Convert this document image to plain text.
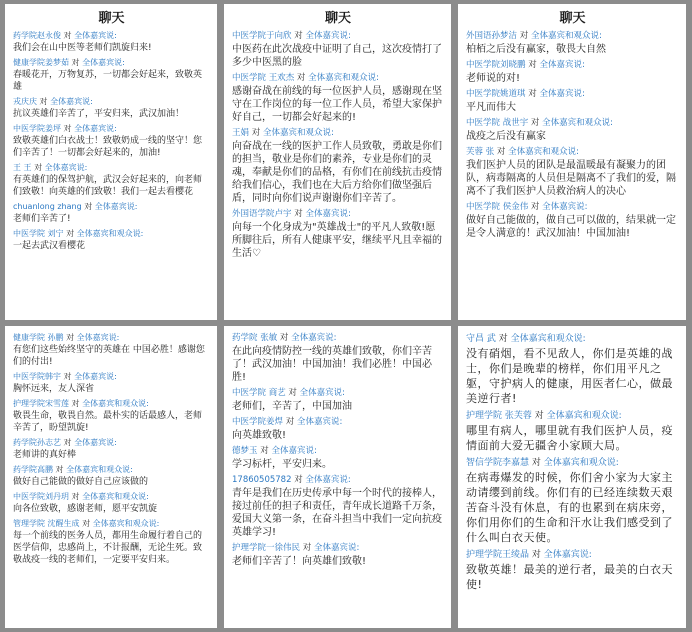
聊天
药学院赵永俊 对 全体嘉宾说:
我们会在山中医等老师们凯旋归来!
健康学院姜梦茹 对 全体嘉宾说:
春暖花开，万物复苏，一切都会好起来，致敬英雄
戎庆庆 对 全体嘉宾说:
抗议英雄们辛苦了，平安归来，武汉加油！
中医学院姜坪 对 全体嘉宾说:
致敬英雄们白衣战士！致敬奶成一线的坚守！您们辛苦了！一切都会好起来的，加油!
王 王 对 全体嘉宾说:
有英雄们的保驾护航，武汉会好起来的，向老师们致敬！向英雄的们致敬！我们一起去看樱花
chuanlong zhang 对 全体嘉宾说:
老师们辛苦了!
中医学院 刘宁 对 全体嘉宾和观众说:
一起去武汉看樱花
聊天
中医学院于向欣 对 全体嘉宾说:
中医药在此次战疫中证明了自己，这次疫情打了多少中医黑的脸
中医学院 王欢杰 对 全体嘉宾和观众说:
感谢奋战在前线的每一位医护人员，感谢现在坚守在工作岗位的每一位工作人员，希望大家保护好自己，一切都会好起来的!
王娟 对 全体嘉宾和观众说:
向奋战在一线的医护工作人员致敬，勇敢是你们的担当，敬业是你们的素养，专业是你们的灵魂，奉献是你们的品格，有你们在前线抗击疫情给我们信心，我们也在大后方给你们做坚强后盾，同时向你们说声谢谢你们辛苦了。
外国语学院卢宇 对 全体嘉宾说:
向每一个化身成为"英雄战士"的平凡人致敬!愿所脚往后，所有人健康平安，继续平凡且幸福的生活♡
聊天
外国语孙梦洁 对 全体嘉宾和观众说:
柏栢之后没有赢家，敬畏大自然
中医学院刘晓鹏 对 全体嘉宾说:
老师说的对!
中医学院姚道琪 对 全体嘉宾说:
平凡而伟大
中医学院 战世宇 对 全体嘉宾和观众说:
战疫之后没有赢家
芙蓉 张 对 全体嘉宾和观众说:
我们医护人员的团队是最温暖最有凝聚力的团队，病毒隔离的人员但是隔离不了我们的爱，隔离不了我们医护人员救治病人的决心
中医学院 侯金伟 对 全体嘉宾说:
做好自己能做的，做自己可以做的，结果就一定是令人满意的！武汉加油！中国加油!
健康学院 孙鹏 对 全体嘉宾说:
有您们这些始终坚守的英雄在 中国必胜！感谢您们的付出!
中医学院韩宇 对 全体嘉宾说:
胸怀远来，友人深省
护理学院宋雪莲 对 全体嘉宾和观众说:
敬畏生命，敬畏自然。最朴实的话最感人，老师辛苦了，盼望凯旋!
药学院孙志艺 对 全体嘉宾说:
老师讲的真好棒
药学院高鹏 对 全体嘉宾和观众说:
做好自己能做的做好自己应该做的
中医学院刘丹玥 对 全体嘉宾和观众说:
向各位致敬，感谢老师，愿平安凯旋
管理学院 沈醒生成 对 全体嘉宾和观众说:
每一个前线的医务人员，都用生命履行着自己的医学信仰，忠感尚上，不计报酬，无论生死。致敬战疫一线的老师们，一定要平安归来。
药学院 张敏 对 全体嘉宾说:
在此向疫情防控一线的英雄们致敬，你们辛苦了！武汉加油！中国加油！我们必胜！中国必胜!
中医学院 商艺 对 全体嘉宾说:
老师们，辛苦了，中国加油
中医学院姜焊 对 全体嘉宾说:
向英雄致敬!
德梦玉 对 全体嘉宾说:
学习标杆，平安归来。
17860505782 对 全体嘉宾说:
青年是我们在历史传承中每一个时代的接棒人，接过前任的担子和责任，青年成长道路千万条，爱国大义第一条，在奋斗担当中我们一定向抗疫英雄学习!
护理学院一徐伟民 对 全体嘉宾说:
老师们辛苦了！向英雄们致敬!
守昌 武 对 全体嘉宾和观众说:
没有硝烟，看不见敌人，你们是英雄的战士，你们是晚辈的榜样，你们用平凡之躯，守护病人的健康，用医者仁心，做最美逆行者!
护理学院 张芙蓉 对 全体嘉宾和观众说:
哪里有病人，哪里就有我们医护人员，疫情面前大爱无疆舍小家顾大局。
智信学院李嘉慧 对 全体嘉宾和观众说:
在病毒爆发的时候，你们舍小家为大家主动请缨到前线。你们有的已经连续数天艰苦奋斗没有休息，有的也累到在病床旁，你们用你们的生命和汗水让我们感受到了什么叫白衣天使。
护理学院王绫晶 对 全体嘉宾说:
致敬英雄！最美的逆行者，最美的白衣天使!
